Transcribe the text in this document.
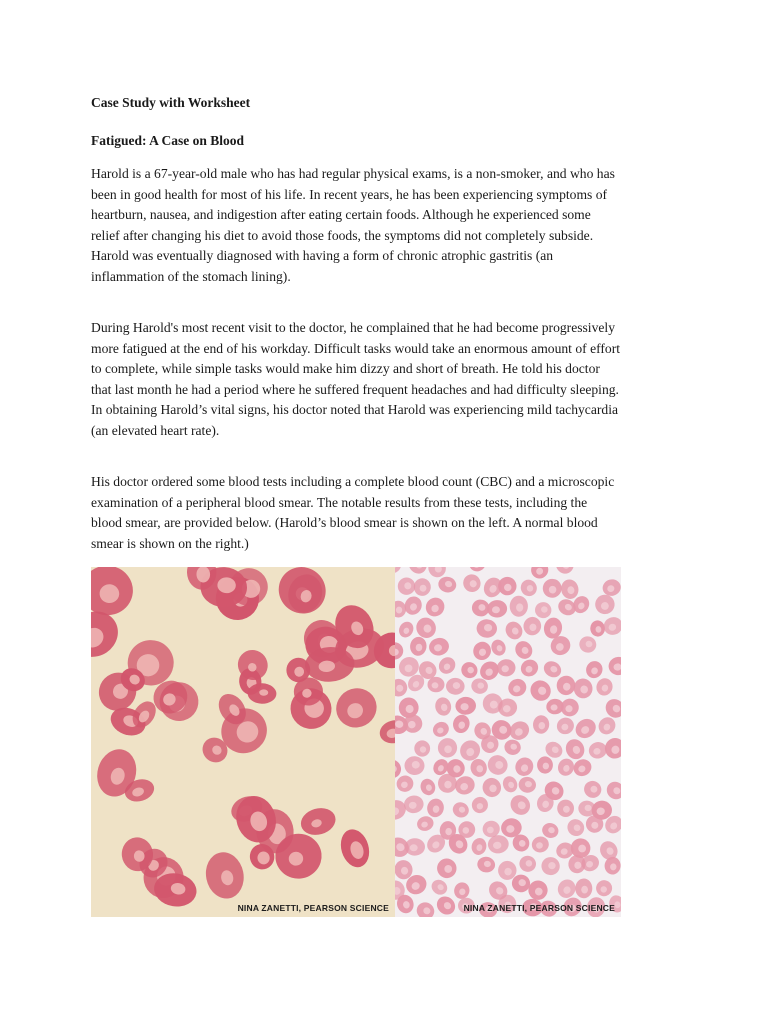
Case Study with Worksheet
Fatigued: A Case on Blood
Harold is a 67-year-old male who has had regular physical exams, is a non-smoker, and who has
been in good health for most of his life. In recent years, he has been experiencing symptoms of
heartburn, nausea, and indigestion after eating certain foods. Although he experienced some
relief after changing his diet to avoid those foods, the symptoms did not completely subside.
Harold was eventually diagnosed with having a form of chronic atrophic gastritis (an
inflammation of the stomach lining).
During Harold's most recent visit to the doctor, he complained that he had become progressively
more fatigued at the end of his workday. Difficult tasks would take an enormous amount of effort
to complete, while simple tasks would make him dizzy and short of breath. He told his doctor
that last month he had a period where he suffered frequent headaches and had difficulty sleeping.
In obtaining Harold’s vital signs, his doctor noted that Harold was experiencing mild tachycardia
(an elevated heart rate).
His doctor ordered some blood tests including a complete blood count (CBC) and a microscopic
examination of a peripheral blood smear. The notable results from these tests, including the
blood smear, are provided below. (Harold’s blood smear is shown on the left. A normal blood
smear is shown on the right.)
NINA ZANETTI, PEARSON SCIENCE	NINA ZANETTI, PEARSON SCIENCE
